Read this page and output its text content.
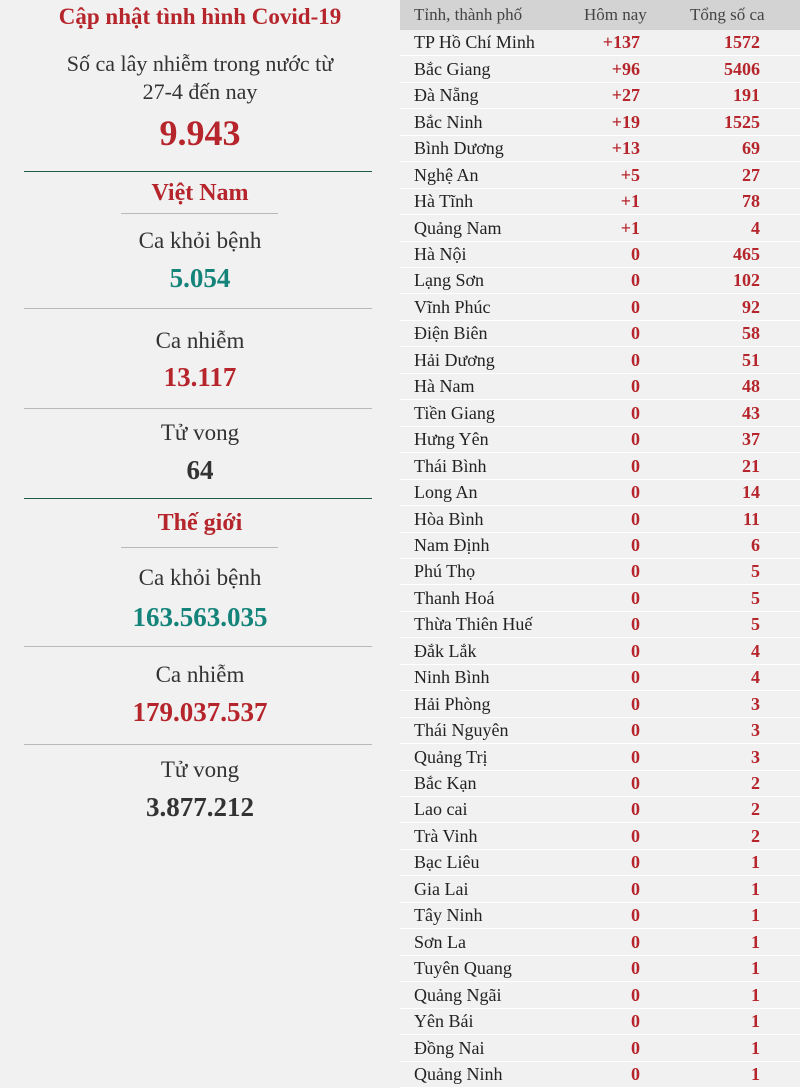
Cập nhật tình hình Covid-19
Số ca lây nhiễm trong nước từ
27-4 đến nay
9.943
Việt Nam
Ca khỏi bệnh
5.054
Ca nhiễm
13.117
Tử vong
64
Thế giới
Ca khỏi bệnh
163.563.035
Ca nhiễm
179.037.537
Tử vong
3.877.212
Tỉnh, thành phố	Hôm nay	Tổng số ca
TP Hồ Chí Minh	+137	1572
Bắc Giang	+96	5406
Đà Nẵng	+27	191
Bắc Ninh	+19	1525
Bình Dương	+13	69
Nghệ An	+5	27
Hà Tĩnh	+1	78
Quảng Nam	+1	4
Hà Nội	0	465
Lạng Sơn	0	102
Vĩnh Phúc	0	92
Điện Biên	0	58
Hải Dương	0	51
Hà Nam	0	48
Tiền Giang	0	43
Hưng Yên	0	37
Thái Bình	0	21
Long An	0	14
Hòa Bình	0	11
Nam Định	0	6
Phú Thọ	0	5
Thanh Hoá	0	5
Thừa Thiên Huế	0	5
Đắk Lắk	0	4
Ninh Bình	0	4
Hải Phòng	0	3
Thái Nguyên	0	3
Quảng Trị	0	3
Bắc Kạn	0	2
Lao cai	0	2
Trà Vinh	0	2
Bạc Liêu	0	1
Gia Lai	0	1
Tây Ninh	0	1
Sơn La	0	1
Tuyên Quang	0	1
Quảng Ngãi	0	1
Yên Bái	0	1
Đồng Nai	0	1
Quảng Ninh	0	1
